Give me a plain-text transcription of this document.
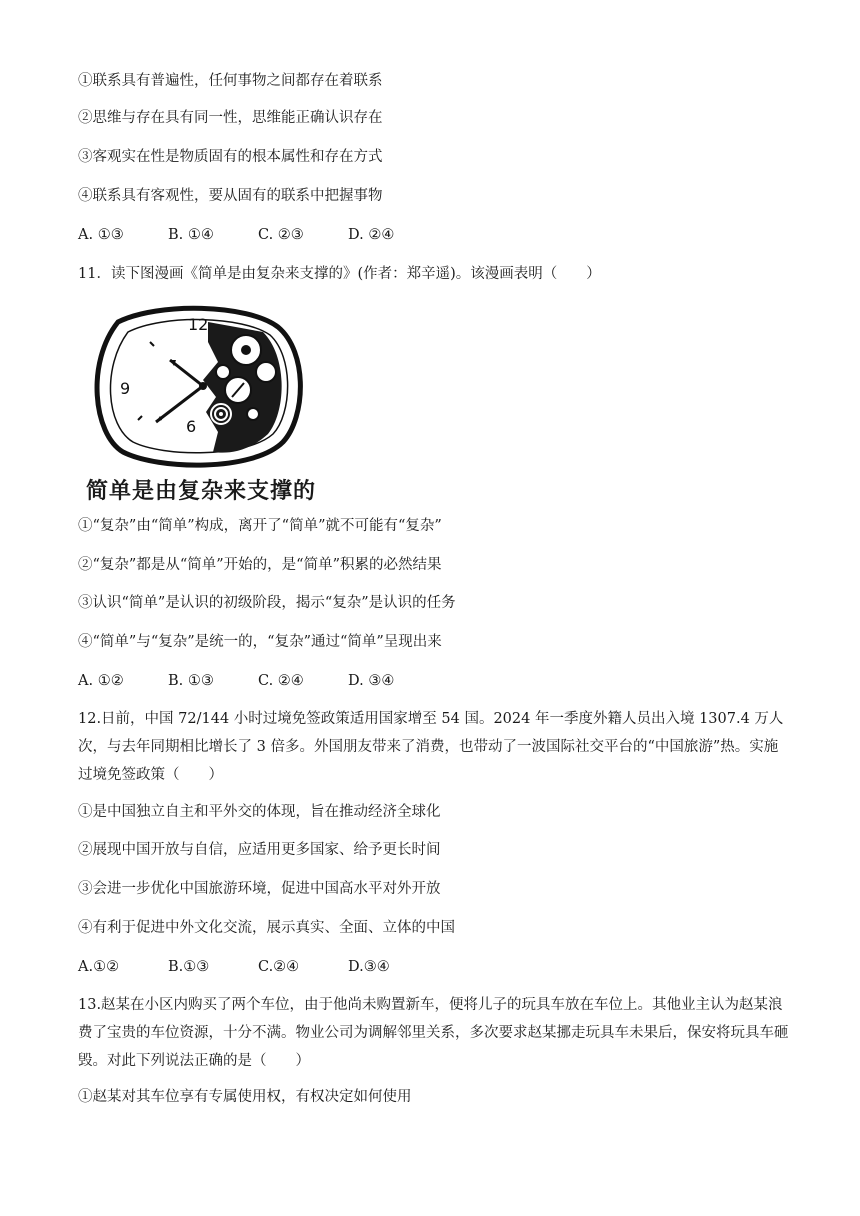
①联系具有普遍性，任何事物之间都存在着联系
②思维与存在具有同一性，思维能正确认识存在
③客观实在性是物质固有的根本属性和存在方式
④联系具有客观性，要从固有的联系中把握事物
A. ①③	B. ①④	C. ②③	D. ②④
11．读下图漫画《简单是由复杂来支撑的》(作者：郑辛遥)。该漫画表明（　　）
12
9
6
简单是由复杂来支撑的
①“复杂”由“简单”构成，离开了“简单”就不可能有“复杂”
②“复杂”都是从“简单”开始的，是“简单”积累的必然结果
③认识“简单”是认识的初级阶段，揭示“复杂”是认识的任务
④“简单”与“复杂”是统一的，“复杂”通过“简单”呈现出来
A. ①②	B. ①③	C. ②④	D. ③④
12.日前，中国 72/144 小时过境免签政策适用国家增至 54 国。2024 年一季度外籍人员出入境 1307.4 万人次，与去年同期相比增长了 3 倍多。外国朋友带来了消费，也带动了一波国际社交平台的“中国旅游”热。实施过境免签政策（　　）
①是中国独立自主和平外交的体现，旨在推动经济全球化
②展现中国开放与自信，应适用更多国家、给予更长时间
③会进一步优化中国旅游环境，促进中国高水平对外开放
④有利于促进中外文化交流，展示真实、全面、立体的中国
A.①②	B.①③	C.②④	D.③④
13.赵某在小区内购买了两个车位，由于他尚未购置新车，便将儿子的玩具车放在车位上。其他业主认为赵某浪费了宝贵的车位资源，十分不满。物业公司为调解邻里关系，多次要求赵某挪走玩具车未果后，保安将玩具车砸毁。对此下列说法正确的是（　　）
①赵某对其车位享有专属使用权，有权决定如何使用
